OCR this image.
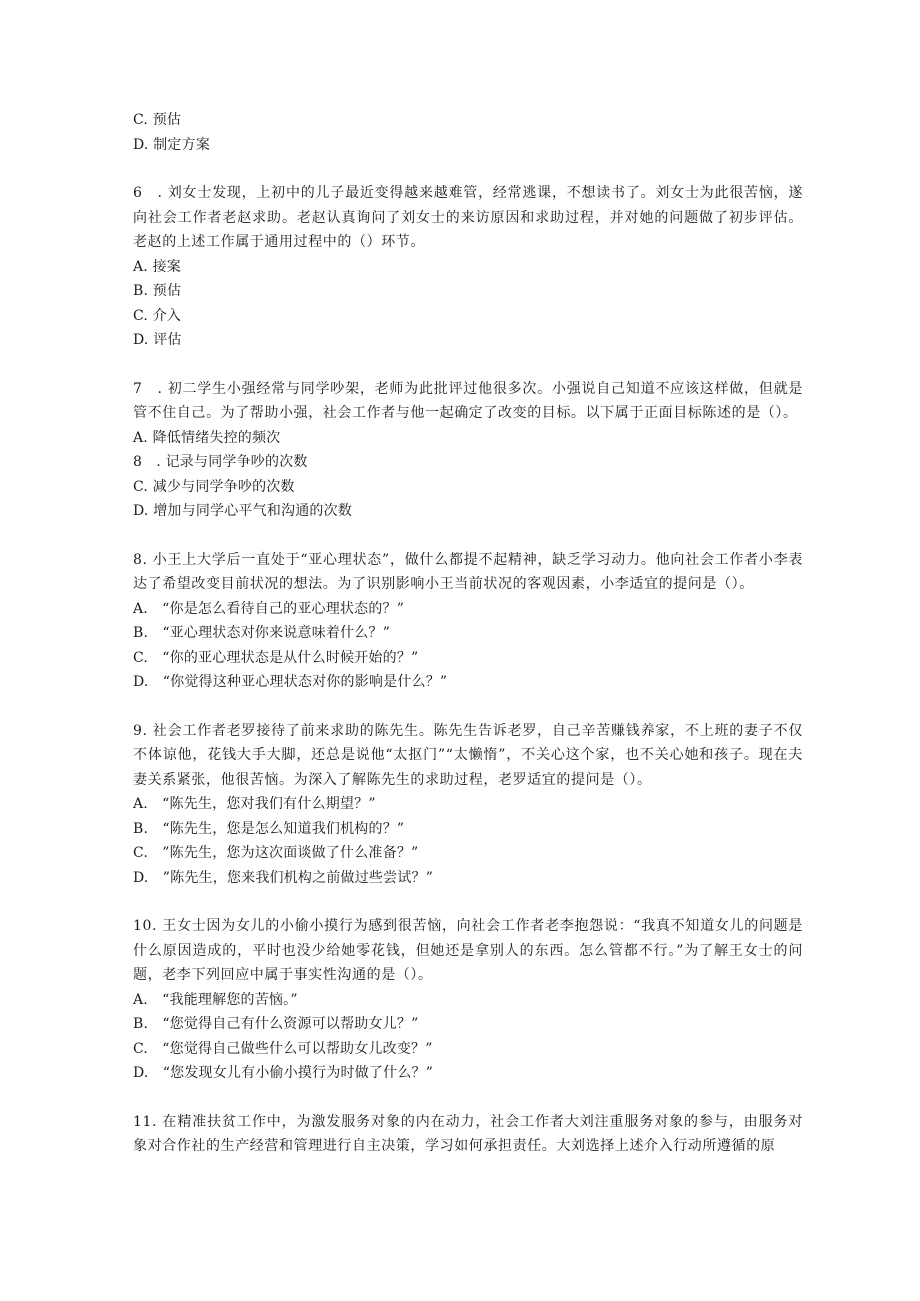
C. 预估
D. 制定方案
6　. 刘女士发现，上初中的儿子最近变得越来越难管，经常逃课，不想读书了。刘女士为此很苦恼，遂向社会工作者老赵求助。老赵认真询问了刘女士的来访原因和求助过程，并对她的问题做了初步评估。老赵的上述工作属于通用过程中的（）环节。
A. 接案
B. 预估
C. 介入
D. 评估
7　. 初二学生小强经常与同学吵架，老师为此批评过他很多次。小强说自己知道不应该这样做，但就是管不住自己。为了帮助小强，社会工作者与他一起确定了改变的目标。以下属于正面目标陈述的是（）。
A. 降低情绪失控的频次
8　. 记录与同学争吵的次数
C. 减少与同学争吵的次数
D. 增加与同学心平气和沟通的次数
8. 小王上大学后一直处于“亚心理状态”，做什么都提不起精神，缺乏学习动力。他向社会工作者小李表达了希望改变目前状况的想法。为了识别影响小王当前状况的客观因素，小李适宜的提问是（）。
A.　“你是怎么看待自己的亚心理状态的？”
B.　“亚心理状态对你来说意味着什么？”
C.　“你的亚心理状态是从什么时候开始的？”
D.　“你觉得这种亚心理状态对你的影响是什么？”
9. 社会工作者老罗接待了前来求助的陈先生。陈先生告诉老罗，自己辛苦赚钱养家，不上班的妻子不仅不体谅他，花钱大手大脚，还总是说他“太抠门”“太懒惰”，不关心这个家，也不关心她和孩子。现在夫妻关系紧张，他很苦恼。为深入了解陈先生的求助过程，老罗适宜的提问是（）。
A.　“陈先生，您对我们有什么期望？”
B.　“陈先生，您是怎么知道我们机构的？”
C.　”陈先生，您为这次面谈做了什么准备？”
D.　”陈先生，您来我们机构之前做过些尝试？”
10. 王女士因为女儿的小偷小摸行为感到很苦恼，向社会工作者老李抱怨说：“我真不知道女儿的问题是什么原因造成的，平时也没少给她零花钱，但她还是拿别人的东西。怎么管都不行。”为了解王女士的问题，老李下列回应中属于事实性沟通的是（）。
A.　“我能理解您的苦恼。”
B.　“您觉得自己有什么资源可以帮助女儿？”
C.　“您觉得自己做些什么可以帮助女儿改变？”
D.　“您发现女儿有小偷小摸行为时做了什么？”
11. 在精准扶贫工作中，为激发服务对象的内在动力，社会工作者大刘注重服务对象的参与，由服务对象对合作社的生产经营和管理进行自主决策，学习如何承担责任。大刘选择上述介入行动所遵循的原
